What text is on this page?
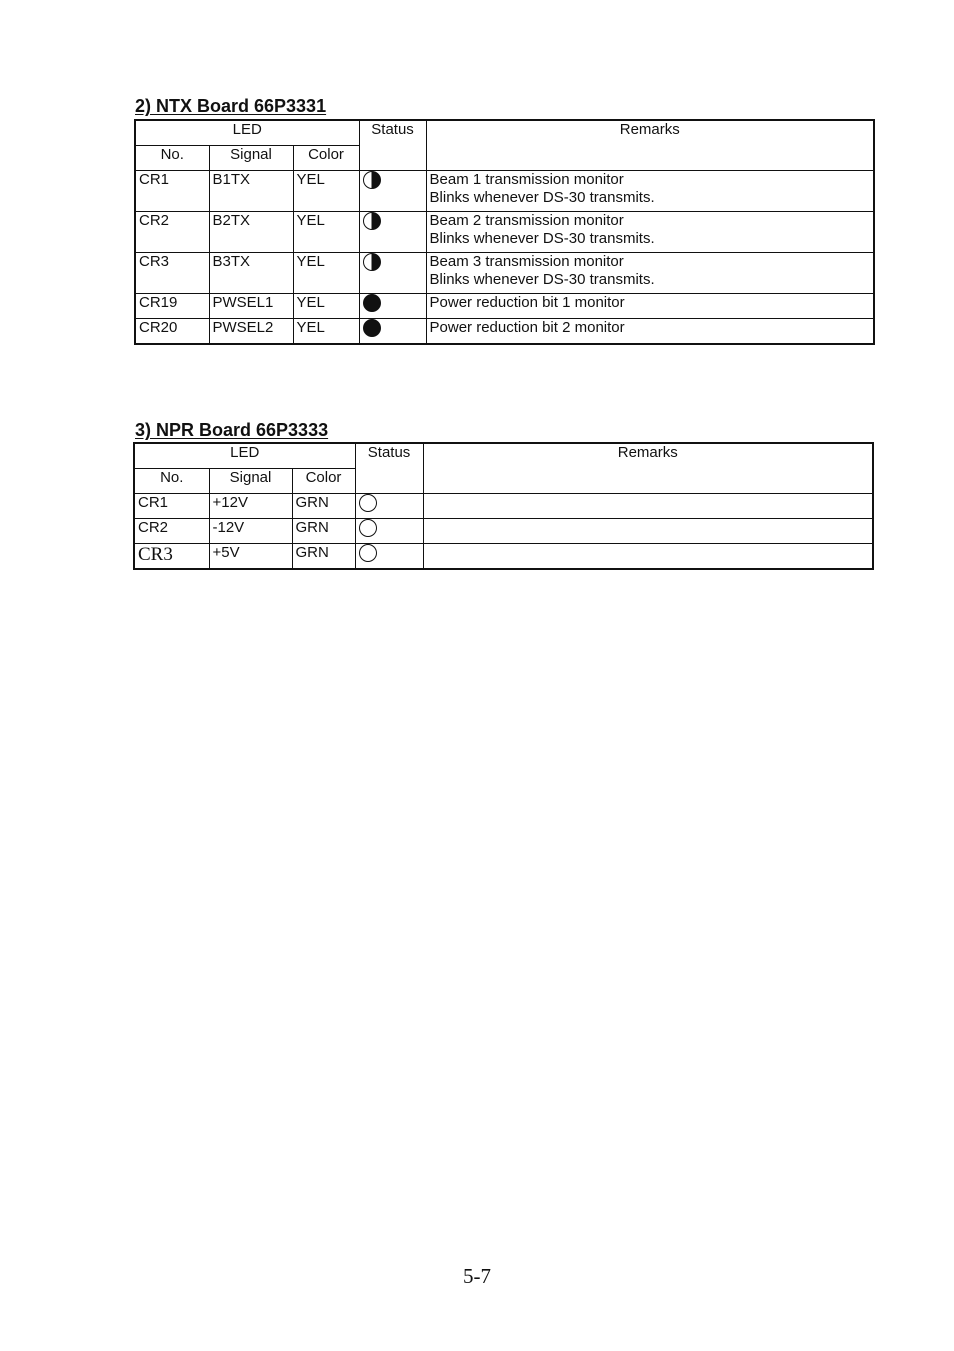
2) NTX Board 66P3331
LED			Status	Remarks
No.	Signal	Color		
CR1	B1TX	YEL		Beam 1 transmission monitor
Blinks whenever DS-30 transmits.

CR2	B2TX	YEL		Beam 2 transmission monitor
Blinks whenever DS-30 transmits.

CR3	B3TX	YEL		Beam 3 transmission monitor
Blinks whenever DS-30 transmits.

CR19	PWSEL1	YEL		Power reduction bit 1 monitor

CR20	PWSEL2	YEL		Power reduction bit 2 monitor
3) NPR Board 66P3333
LED			Status	Remarks
No.	Signal	Color		
CR1	+12V	GRN		
CR2	-12V	GRN		
CR3	+5V	GRN		

5-7
